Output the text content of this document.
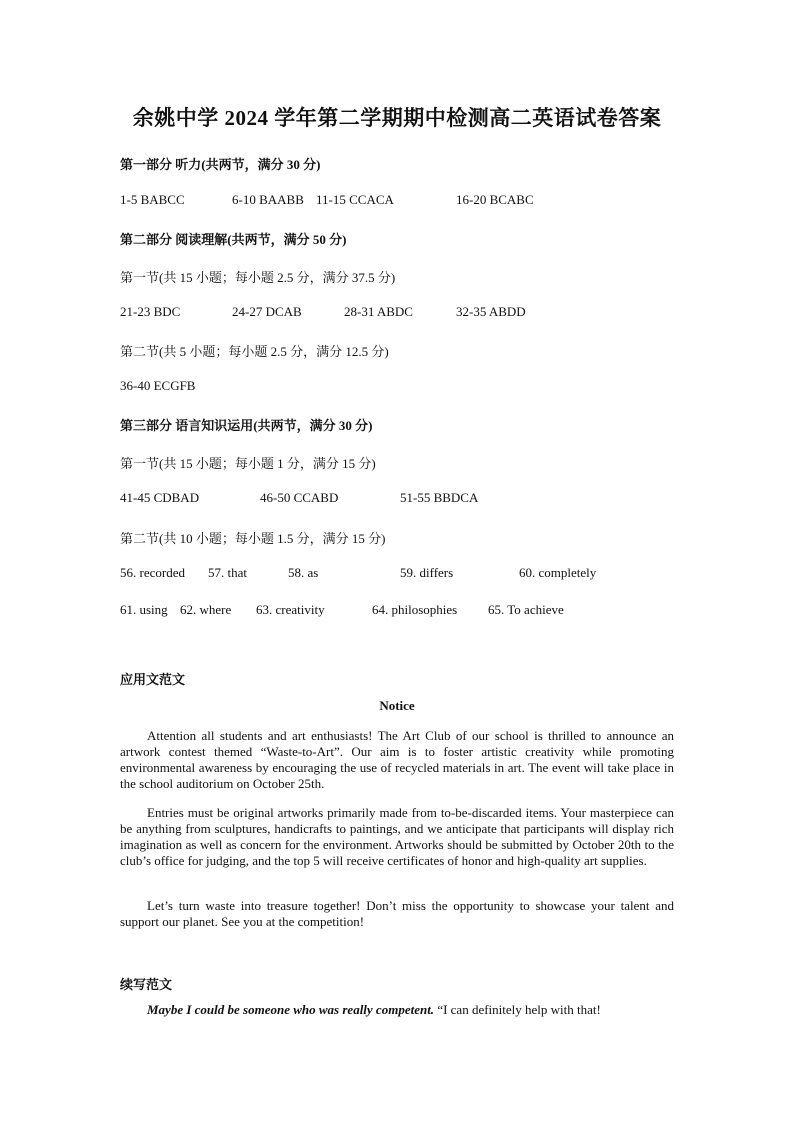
余姚中学 2024 学年第二学期期中检测高二英语试卷答案
第一部分 听力(共两节，满分 30 分)
1-5 BABCC	6-10 BAABB 11-15 CCACA	16-20 BCABC
第二部分 阅读理解(共两节，满分 50 分)
第一节(共 15 小题；每小题 2.5 分，满分 37.5 分)
21-23 BDC	24-27 DCAB	28-31 ABDC	32-35 ABDD
第二节(共 5 小题；每小题 2.5 分，满分 12.5 分)
36-40 ECGFB
第三部分 语言知识运用(共两节，满分 30 分)
第一节(共 15 小题；每小题 1 分，满分 15 分)
41-45 CDBAD	46-50 CCABD	51-55 BBDCA
第二节(共 10 小题；每小题 1.5 分，满分 15 分)
56. recorded 57. that	58. as	59. differs	60. completely
61. using 62. where 63. creativity	64. philosophies 65. To achieve
应用文范文
Notice
Attention all students and art enthusiasts! The Art Club of our school is thrilled to announce an artwork contest themed “Waste-to-Art”. Our aim is to foster artistic creativity while promoting environmental awareness by encouraging the use of recycled materials in art. The event will take place in the school auditorium on October 25th.
Entries must be original artworks primarily made from to-be-discarded items. Your masterpiece can be anything from sculptures, handicrafts to paintings, and we anticipate that participants will display rich imagination as well as concern for the environment. Artworks should be submitted by October 20th to the club’s office for judging, and the top 5 will receive certificates of honor and high-quality art supplies.
Let’s turn waste into treasure together! Don’t miss the opportunity to showcase your talent and support our planet. See you at the competition!
续写范文
Maybe I could be someone who was really competent. “I can definitely help with that!
